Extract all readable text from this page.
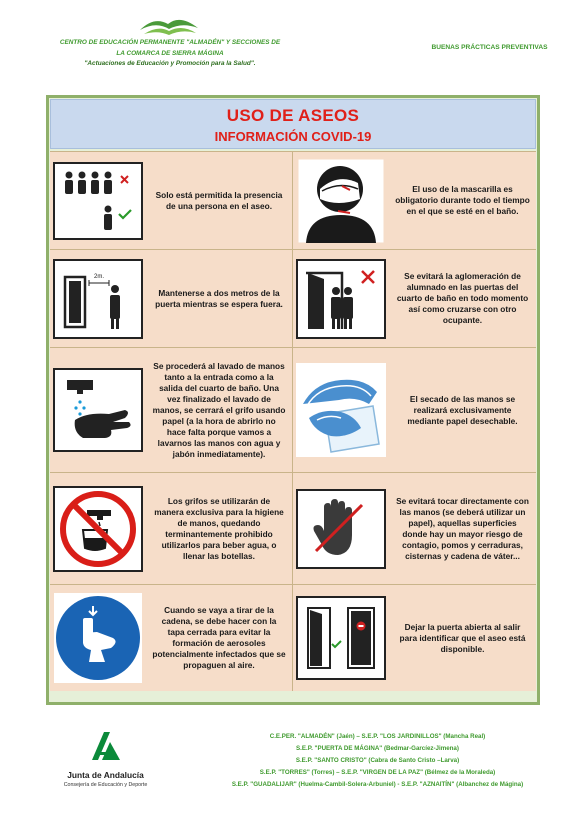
CENTRO DE EDUCACIÓN PERMANENTE "ALMADÉN" Y SECCIONES DE
LA COMARCA DE SIERRA MÁGINA
"Actuaciones de Educación y Promoción para la Salud".
BUENAS PRÁCTICAS PREVENTIVAS
USO DE ASEOS
INFORMACIÓN COVID-19
Solo está permitida la presencia de una persona en el aseo.
El uso de la mascarilla es obligatorio durante todo el tiempo en el que se esté en el baño.
2m.
Mantenerse a dos metros de la puerta mientras se espera fuera.
Se evitará la aglomeración de alumnado en las puertas del cuarto de baño en todo momento así como cruzarse con otro ocupante.
Se procederá al lavado de manos tanto a la entrada como a la salida del cuarto de baño. Una vez finalizado el lavado de manos, se cerrará el grifo usando papel (a la hora de abrirlo no hace falta porque vamos a lavarnos las manos con agua y jabón inmediatamente).
El secado de las manos se realizará exclusivamente mediante papel desechable.
Los grifos se utilizarán de manera exclusiva para la higiene de manos, quedando terminantemente prohibido utilizarlos para beber agua, o llenar las botellas.
Se evitará tocar directamente con las manos (se deberá utilizar un papel), aquellas superficies donde hay un mayor riesgo de contagio, pomos y cerraduras, cisternas y cadena de váter...
Cuando se vaya a tirar de la cadena, se debe hacer con la tapa cerrada para evitar la formación de aerosoles potencialmente infectados que se propaguen al aire.
Dejar la puerta abierta al salir para identificar que el aseo está disponible.
Junta de Andalucía
Consejería de Educación y Deporte
C.E.PER. "ALMADÉN" (Jaén) – S.E.P. "LOS JARDINILLOS" (Mancha Real)
S.E.P. "PUERTA DE MÁGINA" (Bedmar-Garcíez-Jimena)
S.E.P. "SANTO CRISTO" (Cabra de Santo Cristo –Larva)
S.E.P. "TORRES" (Torres) – S.E.P. "VIRGEN DE LA PAZ" (Bélmez de la Moraleda)
S.E.P. "GUADALIJAR" (Huelma-Cambil-Solera-Arbuniel) - S.E.P. "AZNAITÍN" (Albanchez de Mágina)
